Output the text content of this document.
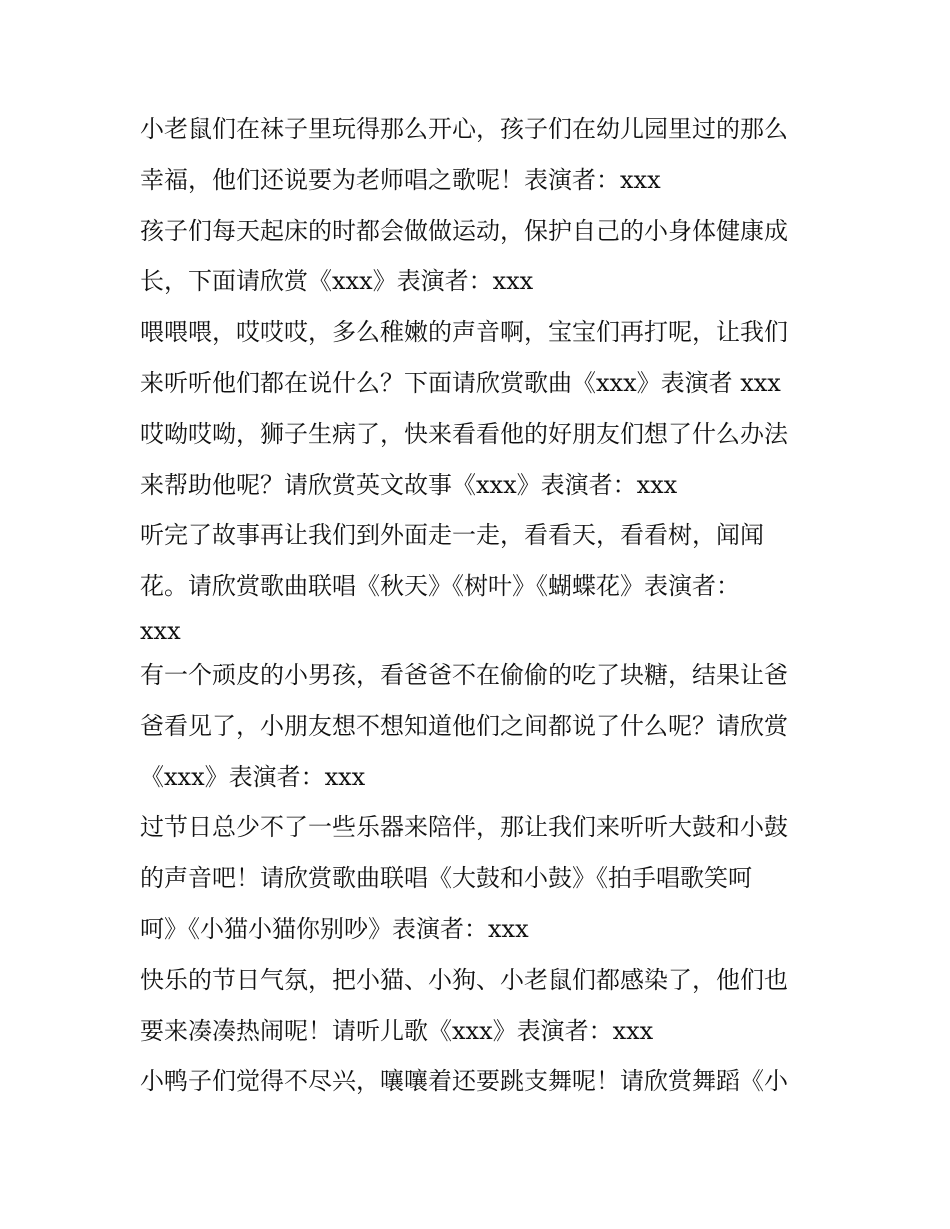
小老鼠们在袜子里玩得那么开心，孩子们在幼儿园里过的那么
幸福，他们还说要为老师唱之歌呢！表演者：xxx
孩子们每天起床的时都会做做运动，保护自己的小身体健康成
长，下面请欣赏《xxx》表演者：xxx
喂喂喂，哎哎哎，多么稚嫩的声音啊，宝宝们再打呢，让我们
来听听他们都在说什么？下面请欣赏歌曲《xxx》表演者 xxx
哎呦哎呦，狮子生病了，快来看看他的好朋友们想了什么办法
来帮助他呢？请欣赏英文故事《xxx》表演者：xxx
听完了故事再让我们到外面走一走，看看天，看看树，闻闻
花。请欣赏歌曲联唱《秋天》《树叶》《蝴蝶花》表演者：
xxx
有一个顽皮的小男孩，看爸爸不在偷偷的吃了块糖，结果让爸
爸看见了，小朋友想不想知道他们之间都说了什么呢？请欣赏
《xxx》表演者：xxx
过节日总少不了一些乐器来陪伴，那让我们来听听大鼓和小鼓
的声音吧！请欣赏歌曲联唱《大鼓和小鼓》《拍手唱歌笑呵
呵》《小猫小猫你别吵》表演者：xxx
快乐的节日气氛，把小猫、小狗、小老鼠们都感染了，他们也
要来凑凑热闹呢！请听儿歌《xxx》表演者：xxx
小鸭子们觉得不尽兴，嚷嚷着还要跳支舞呢！请欣赏舞蹈《小
